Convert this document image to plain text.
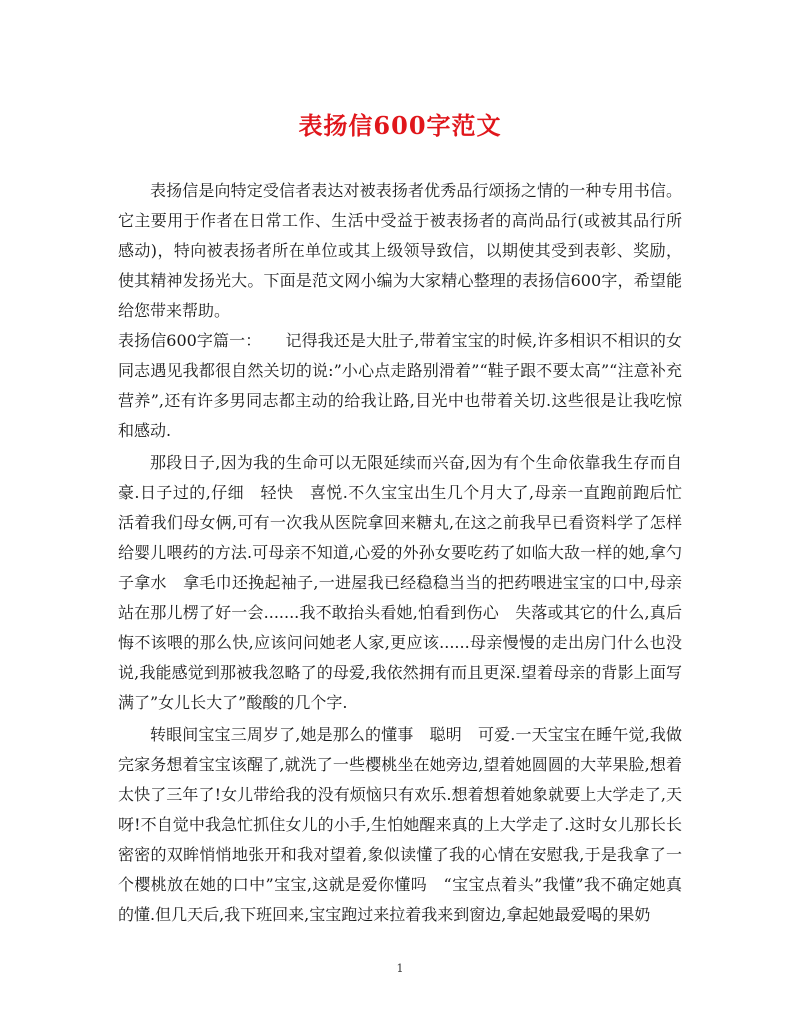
表扬信600字范文

表扬信是向特定受信者表达对被表扬者优秀品行颂扬之情的一种专用书信。它主要用于作者在日常工作、生活中受益于被表扬者的高尚品行(或被其品行所感动)，特向被表扬者所在单位或其上级领导致信，以期使其受到表彰、奖励，使其精神发扬光大。下面是范文网小编为大家精心整理的表扬信600字，希望能给您带来帮助。

表扬信600字篇一：　　记得我还是大肚子,带着宝宝的时候,许多相识不相识的女同志遇见我都很自然关切的说:”小心点走路别滑着”“鞋子跟不要太高”“注意补充营养”,还有许多男同志都主动的给我让路,目光中也带着关切.这些很是让我吃惊和感动.

那段日子,因为我的生命可以无限延续而兴奋,因为有个生命依靠我生存而自豪.日子过的,仔细　轻快　喜悦.不久宝宝出生几个月大了,母亲一直跑前跑后忙活着我们母女俩,可有一次我从医院拿回来糖丸,在这之前我早已看资料学了怎样给婴儿喂药的方法.可母亲不知道,心爱的外孙女要吃药了如临大敌一样的她,拿勺子拿水　拿毛巾还挽起袖子,一进屋我已经稳稳当当的把药喂进宝宝的口中,母亲站在那儿楞了好一会.......我不敢抬头看她,怕看到伤心　失落或其它的什么,真后悔不该喂的那么快,应该问问她老人家,更应该......母亲慢慢的走出房门什么也没说,我能感觉到那被我忽略了的母爱,我依然拥有而且更深.望着母亲的背影上面写满了”女儿长大了”酸酸的几个字.

转眼间宝宝三周岁了,她是那么的懂事　聪明　可爱.一天宝宝在睡午觉,我做完家务想着宝宝该醒了,就洗了一些樱桃坐在她旁边,望着她圆圆的大苹果脸,想着太快了三年了!女儿带给我的没有烦恼只有欢乐.想着想着她象就要上大学走了,天呀!不自觉中我急忙抓住女儿的小手,生怕她醒来真的上大学走了.这时女儿那长长密密的双眸悄悄地张开和我对望着,象似读懂了我的心情在安慰我,于是我拿了一个樱桃放在她的口中”宝宝,这就是爱你懂吗　“宝宝点着头”我懂”我不确定她真的懂.但几天后,我下班回来,宝宝跑过来拉着我来到窗边,拿起她最爱喝的果奶

1
